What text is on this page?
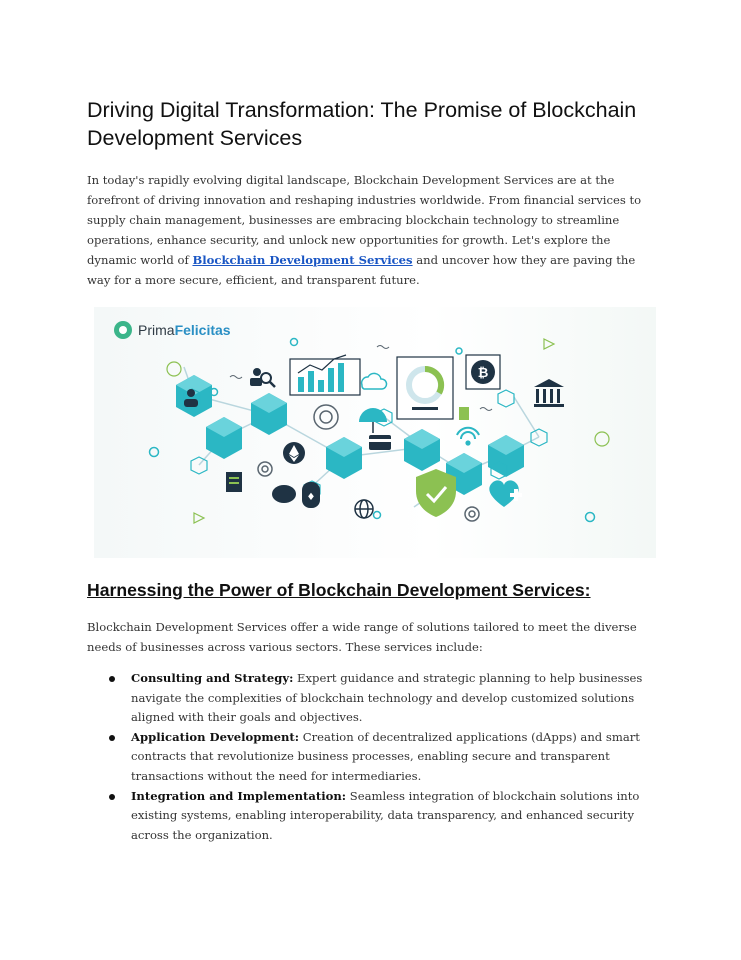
Driving Digital Transformation: The Promise of Blockchain Development Services

In today's rapidly evolving digital landscape, Blockchain Development Services are at the forefront of driving innovation and reshaping industries worldwide. From financial services to supply chain management, businesses are embracing blockchain technology to streamline operations, enhance security, and unlock new opportunities for growth. Let's explore the dynamic world of Blockchain Development Services and uncover how they are paving the way for a more secure, efficient, and transparent future.

₿
♦
Prima Felicitas
Harnessing the Power of Blockchain Development Services:

Blockchain Development Services offer a wide range of solutions tailored to meet the diverse needs of businesses across various sectors. These services include:

Consulting and Strategy: Expert guidance and strategic planning to help businesses navigate the complexities of blockchain technology and develop customized solutions aligned with their goals and objectives.
Application Development: Creation of decentralized applications (dApps) and smart contracts that revolutionize business processes, enabling secure and transparent transactions without the need for intermediaries.
Integration and Implementation: Seamless integration of blockchain solutions into existing systems, enabling interoperability, data transparency, and enhanced security across the organization.
